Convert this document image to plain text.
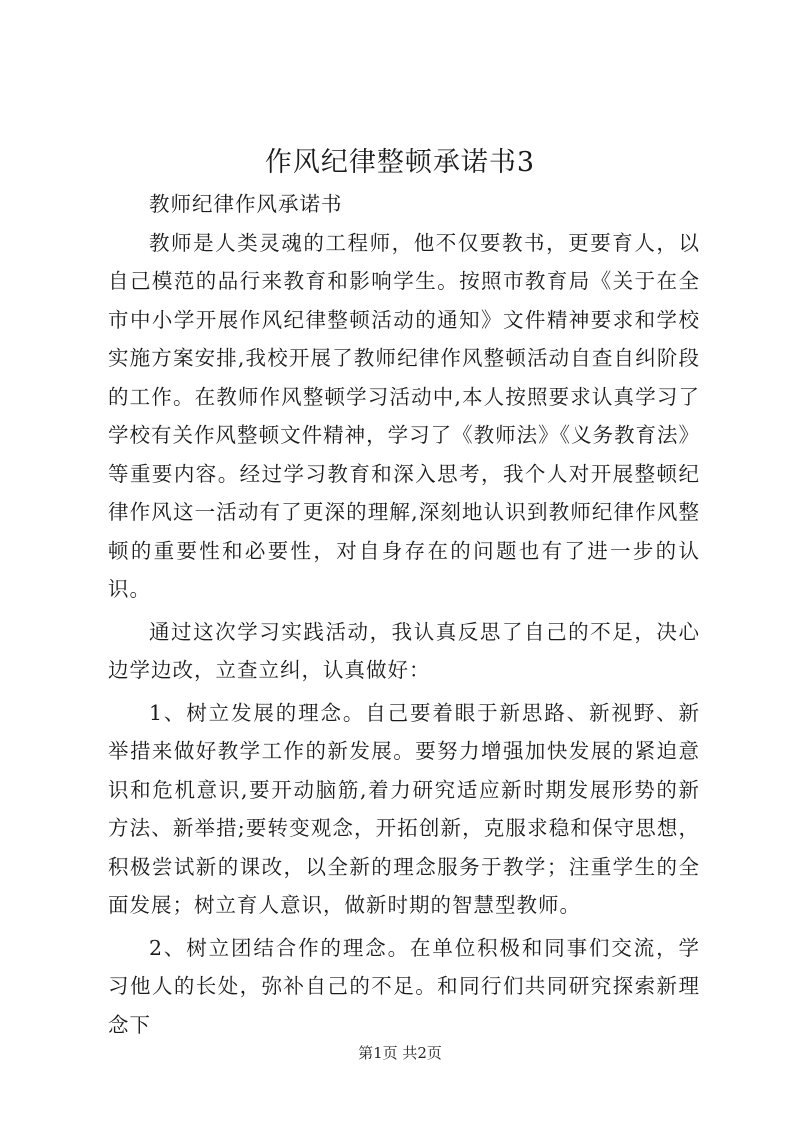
作风纪律整顿承诺书3

教师纪律作风承诺书

教师是人类灵魂的工程师，他不仅要教书，更要育人，以自己模范的品行来教育和影响学生。按照市教育局《关于在全市中小学开展作风纪律整顿活动的通知》文件精神要求和学校实施方案安排,我校开展了教师纪律作风整顿活动自查自纠阶段的工作。在教师作风整顿学习活动中,本人按照要求认真学习了学校有关作风整顿文件精神，学习了《教师法》《义务教育法》等重要内容。经过学习教育和深入思考，我个人对开展整顿纪律作风这一活动有了更深的理解,深刻地认识到教师纪律作风整顿的重要性和必要性，对自身存在的问题也有了进一步的认识。

通过这次学习实践活动，我认真反思了自己的不足，决心边学边改，立查立纠，认真做好：

1、树立发展的理念。自己要着眼于新思路、新视野、新举措来做好教学工作的新发展。要努力增强加快发展的紧迫意识和危机意识,要开动脑筋,着力研究适应新时期发展形势的新方法、新举措;要转变观念，开拓创新，克服求稳和保守思想，积极尝试新的课改，以全新的理念服务于教学；注重学生的全面发展；树立育人意识，做新时期的智慧型教师。

2、树立团结合作的理念。在单位积极和同事们交流，学习他人的长处，弥补自己的不足。和同行们共同研究探索新理念下

第1页 共2页
